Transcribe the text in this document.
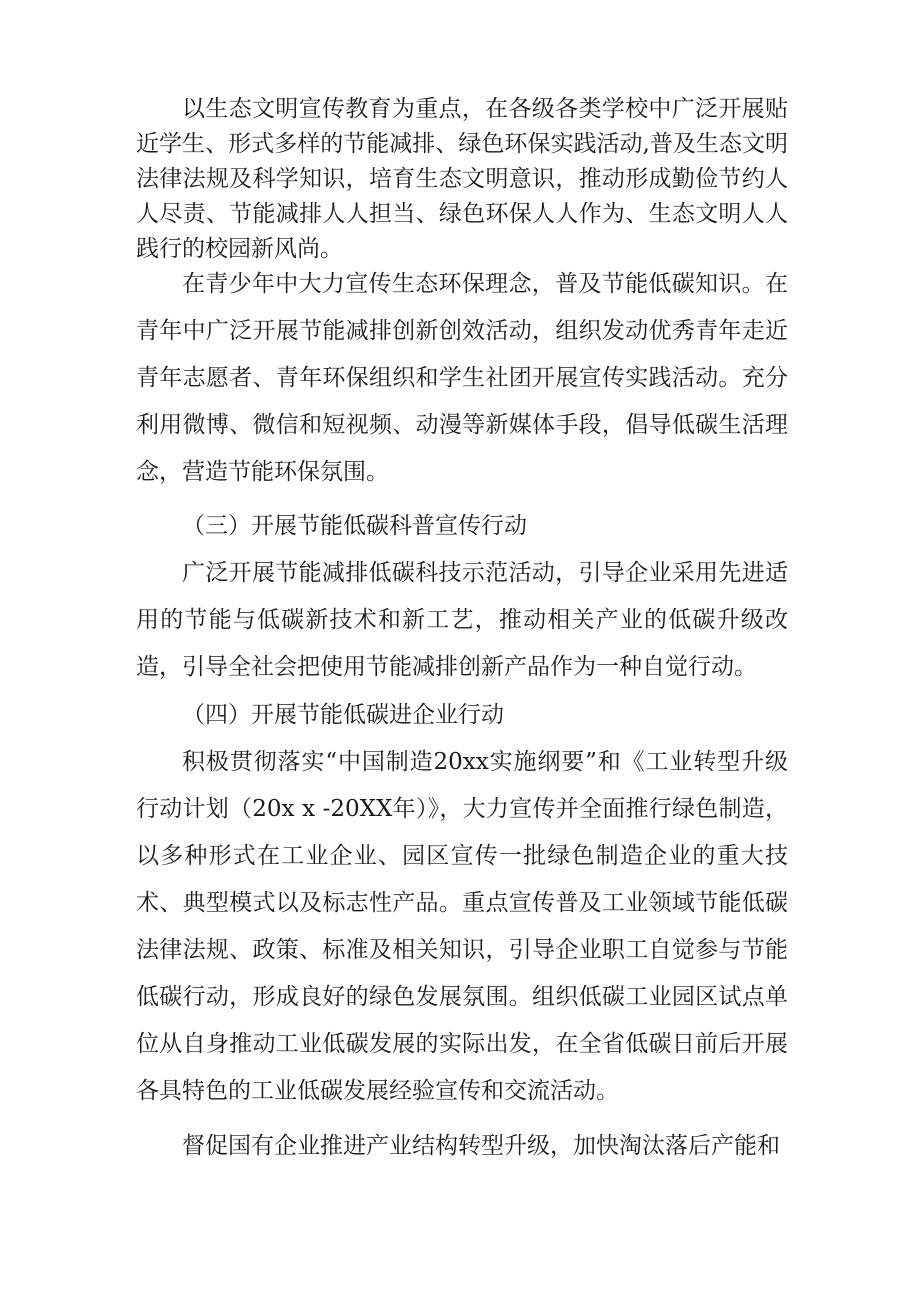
以生态文明宣传教育为重点，在各级各类学校中广泛开展贴近学生、形式多样的节能减排、绿色环保实践活动,普及生态文明法律法规及科学知识，培育生态文明意识，推动形成勤俭节约人人尽责、节能减排人人担当、绿色环保人人作为、生态文明人人践行的校园新风尚。

在青少年中大力宣传生态环保理念，普及节能低碳知识。在青年中广泛开展节能减排创新创效活动，组织发动优秀青年走近青年志愿者、青年环保组织和学生社团开展宣传实践活动。充分利用微博、微信和短视频、动漫等新媒体手段，倡导低碳生活理念，营造节能环保氛围。

（三）开展节能低碳科普宣传行动

广泛开展节能减排低碳科技示范活动，引导企业采用先进适用的节能与低碳新技术和新工艺，推动相关产业的低碳升级改造，引导全社会把使用节能减排创新产品作为一种自觉行动。

（四）开展节能低碳进企业行动

积极贯彻落实“中国制造20xx实施纲要”和《工业转型升级行动计划（20x x -20XX年）》，大力宣传并全面推行绿色制造，以多种形式在工业企业、园区宣传一批绿色制造企业的重大技术、典型模式以及标志性产品。重点宣传普及工业领域节能低碳法律法规、政策、标准及相关知识，引导企业职工自觉参与节能低碳行动，形成良好的绿色发展氛围。组织低碳工业园区试点单位从自身推动工业低碳发展的实际出发，在全省低碳日前后开展各具特色的工业低碳发展经验宣传和交流活动。

督促国有企业推进产业结构转型升级，加快淘汰落后产能和
